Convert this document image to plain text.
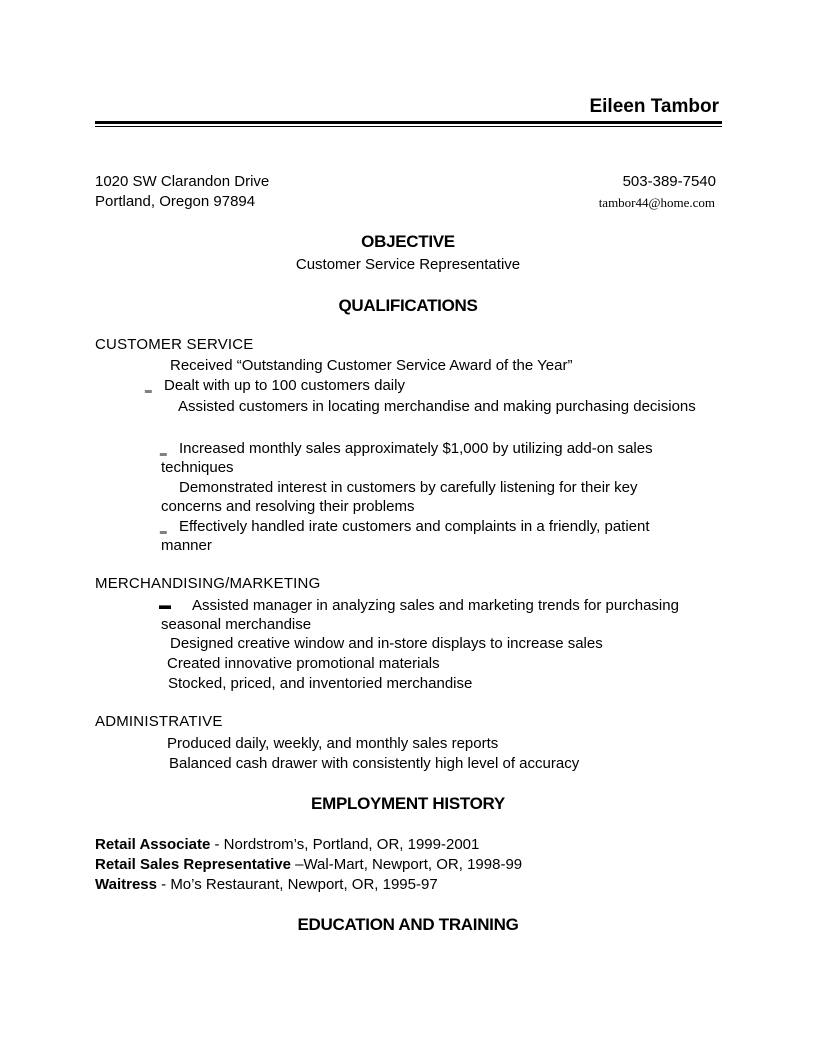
Eileen Tambor
1020 SW Clarandon Drive
Portland, Oregon 97894
503-389-7540
tambor44@home.com
OBJECTIVE
Customer Service Representative
QUALIFICATIONS
CUSTOMER SERVICE
Received “Outstanding Customer Service Award of the Year”
‗ Dealt with up to 100 customers daily
Assisted customers in locating merchandise and making purchasing decisions
‗ Increased monthly sales approximately $1,000 by utilizing add-on sales techniques
Demonstrated interest in customers by carefully listening for their key concerns and resolving their problems
‗ Effectively handled irate customers and complaints in a friendly, patient manner
MERCHANDISING/MARKETING
▬	Assisted manager in analyzing sales and marketing trends for purchasing seasonal merchandise
Designed creative window and in-store displays to increase sales
Created innovative promotional materials
Stocked, priced, and inventoried merchandise
ADMINISTRATIVE
Produced daily, weekly, and monthly sales reports
Balanced cash drawer with consistently high level of accuracy
EMPLOYMENT HISTORY
Retail Associate - Nordstrom’s, Portland, OR, 1999-2001
Retail Sales Representative –Wal-Mart, Newport, OR, 1998-99
Waitress - Mo’s Restaurant, Newport, OR, 1995-97
EDUCATION AND TRAINING
